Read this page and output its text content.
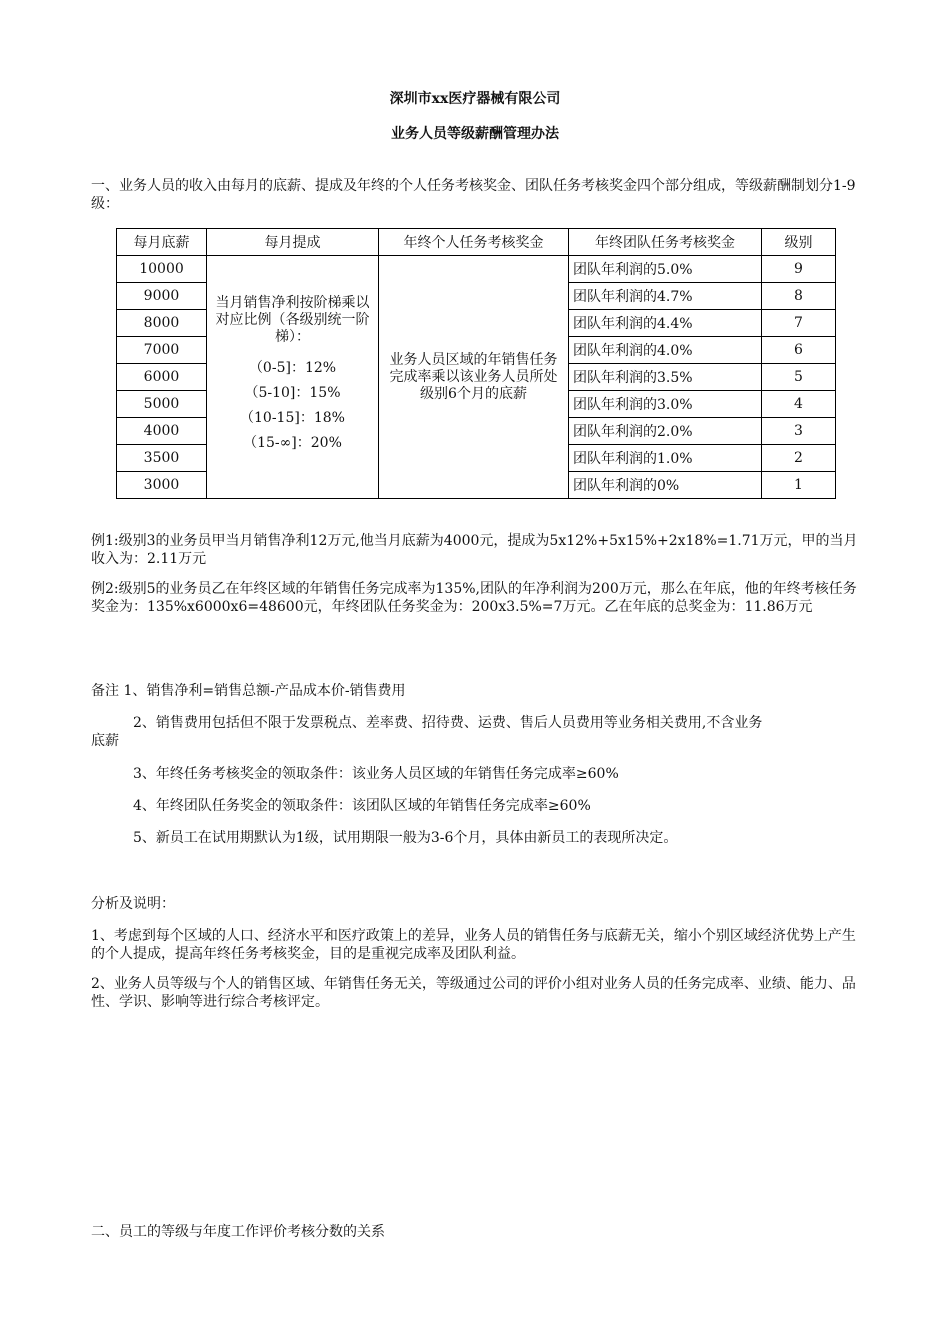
深圳市xx医疗器械有限公司
业务人员等级薪酬管理办法
一、业务人员的收入由每月的底薪、提成及年终的个人任务考核奖金、团队任务考核奖金四个部分组成，等级薪酬制划分1-9级：
每月底薪	每月提成	年终个人任务考核奖金	年终团队任务考核奖金	级别
10000	当月销售净利按阶梯乘以对应比例（各级别统一阶梯）：
（0-5]：12%
（5-10]：15%
（10-15]：18%
（15-∞]：20%	业务人员区域的年销售任务完成率乘以该业务人员所处级别6个月的底薪	团队年利润的5.0%	9
9000			团队年利润的4.7%	8
8000			团队年利润的4.4%	7
7000			团队年利润的4.0%	6
6000			团队年利润的3.5%	5
5000			团队年利润的3.0%	4
4000			团队年利润的2.0%	3
3500			团队年利润的1.0%	2
3000			团队年利润的0%	1
例1:级别3的业务员甲当月销售净利12万元,他当月底薪为4000元，提成为5x12%+5x15%+2x18%=1.71万元，甲的当月收入为：2.11万元
例2:级别5的业务员乙在年终区域的年销售任务完成率为135%,团队的年净利润为200万元，那么在年底，他的年终考核任务奖金为：135%x6000x6=48600元，年终团队任务奖金为：200x3.5%=7万元。乙在年底的总奖金为：11.86万元
备注 1、销售净利=销售总额-产品成本价-销售费用
2、销售费用包括但不限于发票税点、差率费、招待费、运费、售后人员费用等业务相关费用,不含业务
底薪
3、年终任务考核奖金的领取条件：该业务人员区域的年销售任务完成率≥60%
4、年终团队任务奖金的领取条件：该团队区域的年销售任务完成率≥60%
5、新员工在试用期默认为1级，试用期限一般为3-6个月，具体由新员工的表现所决定。
分析及说明：
1、考虑到每个区域的人口、经济水平和医疗政策上的差异，业务人员的销售任务与底薪无关，缩小个别区域经济优势上产生的个人提成，提高年终任务考核奖金，目的是重视完成率及团队利益。
2、业务人员等级与个人的销售区域、年销售任务无关，等级通过公司的评价小组对业务人员的任务完成率、业绩、能力、品性、学识、影响等进行综合考核评定。
二、员工的等级与年度工作评价考核分数的关系
